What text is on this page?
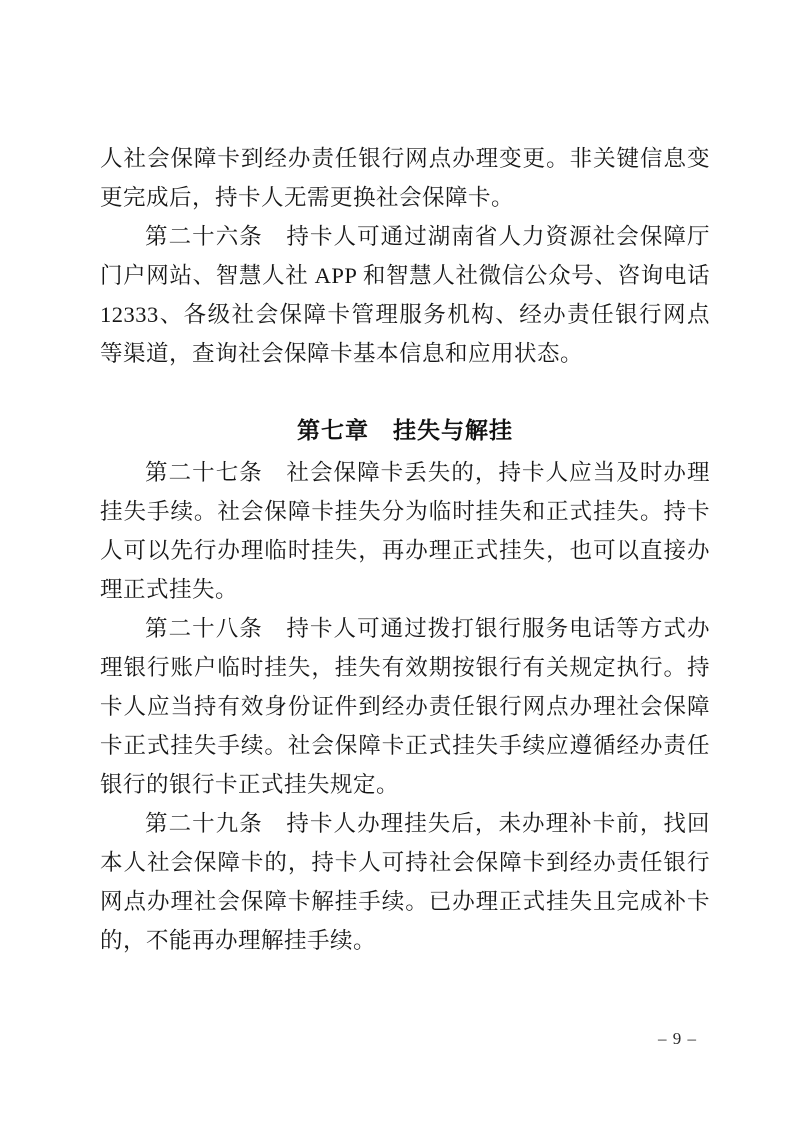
人社会保障卡到经办责任银行网点办理变更。非关键信息变更完成后，持卡人无需更换社会保障卡。

第二十六条　持卡人可通过湖南省人力资源社会保障厅门户网站、智慧人社 APP 和智慧人社微信公众号、咨询电话 12333、各级社会保障卡管理服务机构、经办责任银行网点等渠道，查询社会保障卡基本信息和应用状态。

第七章　挂失与解挂

第二十七条　社会保障卡丢失的，持卡人应当及时办理挂失手续。社会保障卡挂失分为临时挂失和正式挂失。持卡人可以先行办理临时挂失，再办理正式挂失，也可以直接办理正式挂失。

第二十八条　持卡人可通过拨打银行服务电话等方式办理银行账户临时挂失，挂失有效期按银行有关规定执行。持卡人应当持有效身份证件到经办责任银行网点办理社会保障卡正式挂失手续。社会保障卡正式挂失手续应遵循经办责任银行的银行卡正式挂失规定。

第二十九条　持卡人办理挂失后，未办理补卡前，找回本人社会保障卡的，持卡人可持社会保障卡到经办责任银行网点办理社会保障卡解挂手续。已办理正式挂失且完成补卡的，不能再办理解挂手续。

– 9 –
